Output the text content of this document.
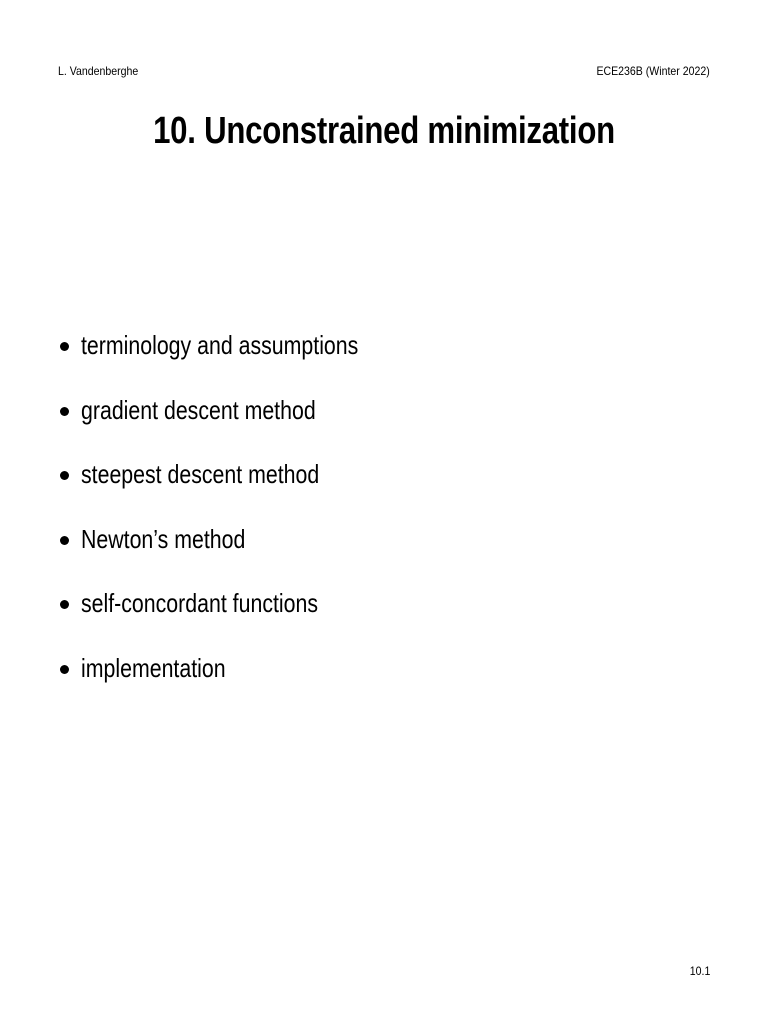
L. Vandenberghe	ECE236B (Winter 2022)
10. Unconstrained minimization
terminology and assumptions
gradient descent method
steepest descent method
Newton’s method
self-concordant functions
implementation
10.1
